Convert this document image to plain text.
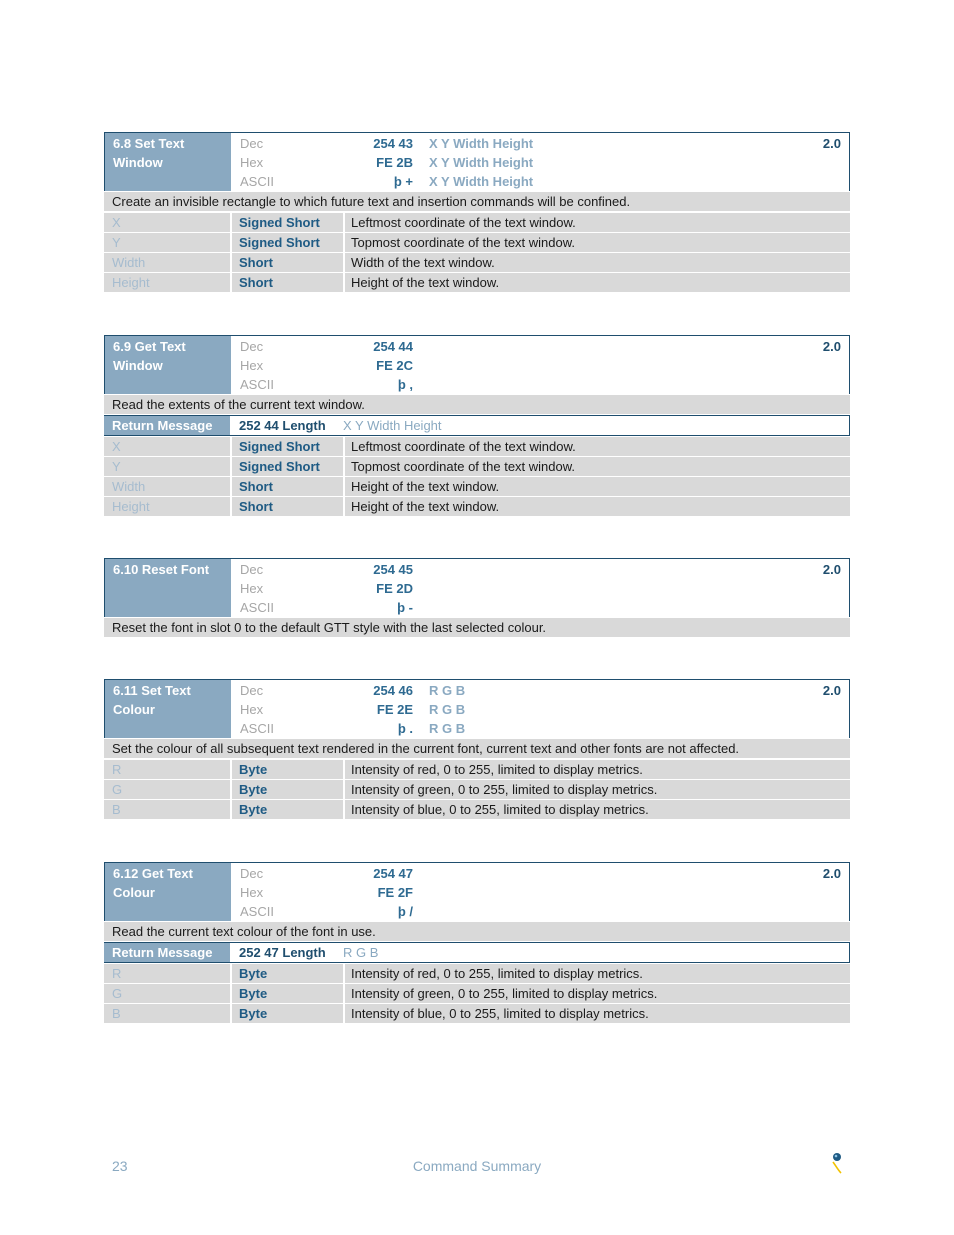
6.8 Set Text Window
Dec	254 43	X Y Width Height	2.0
Hex	FE 2B	X Y Width Height
ASCII	þ +	X Y Width Height
Create an invisible rectangle to which future text and insertion commands will be confined.
X	Signed Short	Leftmost coordinate of the text window.
Y	Signed Short	Topmost coordinate of the text window.
Width	Short	Width of the text window.
Height	Short	Height of the text window.
6.9 Get Text Window
Dec	254 44	2.0
Hex	FE 2C
ASCII	þ ,
Read the extents of the current text window.
Return Message	252 44 Length	X Y Width Height
X	Signed Short	Leftmost coordinate of the text window.
Y	Signed Short	Topmost coordinate of the text window.
Width	Short	Height of the text window.
Height	Short	Height of the text window.
6.10 Reset Font	Dec	254 45	2.0
Hex	FE 2D
ASCII	þ -
Reset the font in slot 0 to the default GTT style with the last selected colour.
6.11 Set Text Colour
Dec	254 46	R G B	2.0
Hex	FE 2E	R G B
ASCII	þ .	R G B
Set the colour of all subsequent text rendered in the current font, current text and other fonts are not affected.
R	Byte	Intensity of red, 0 to 255, limited to display metrics.
G	Byte	Intensity of green, 0 to 255, limited to display metrics.
B	Byte	Intensity of blue, 0 to 255, limited to display metrics.
6.12 Get Text Colour
Dec	254 47	2.0
Hex	FE 2F
ASCII	þ /
Read the current text colour of the font in use.
Return Message	252 47 Length	R G B
R	Byte	Intensity of red, 0 to 255, limited to display metrics.
G	Byte	Intensity of green, 0 to 255, limited to display metrics.
B	Byte	Intensity of blue, 0 to 255, limited to display metrics.
23	Command Summary
